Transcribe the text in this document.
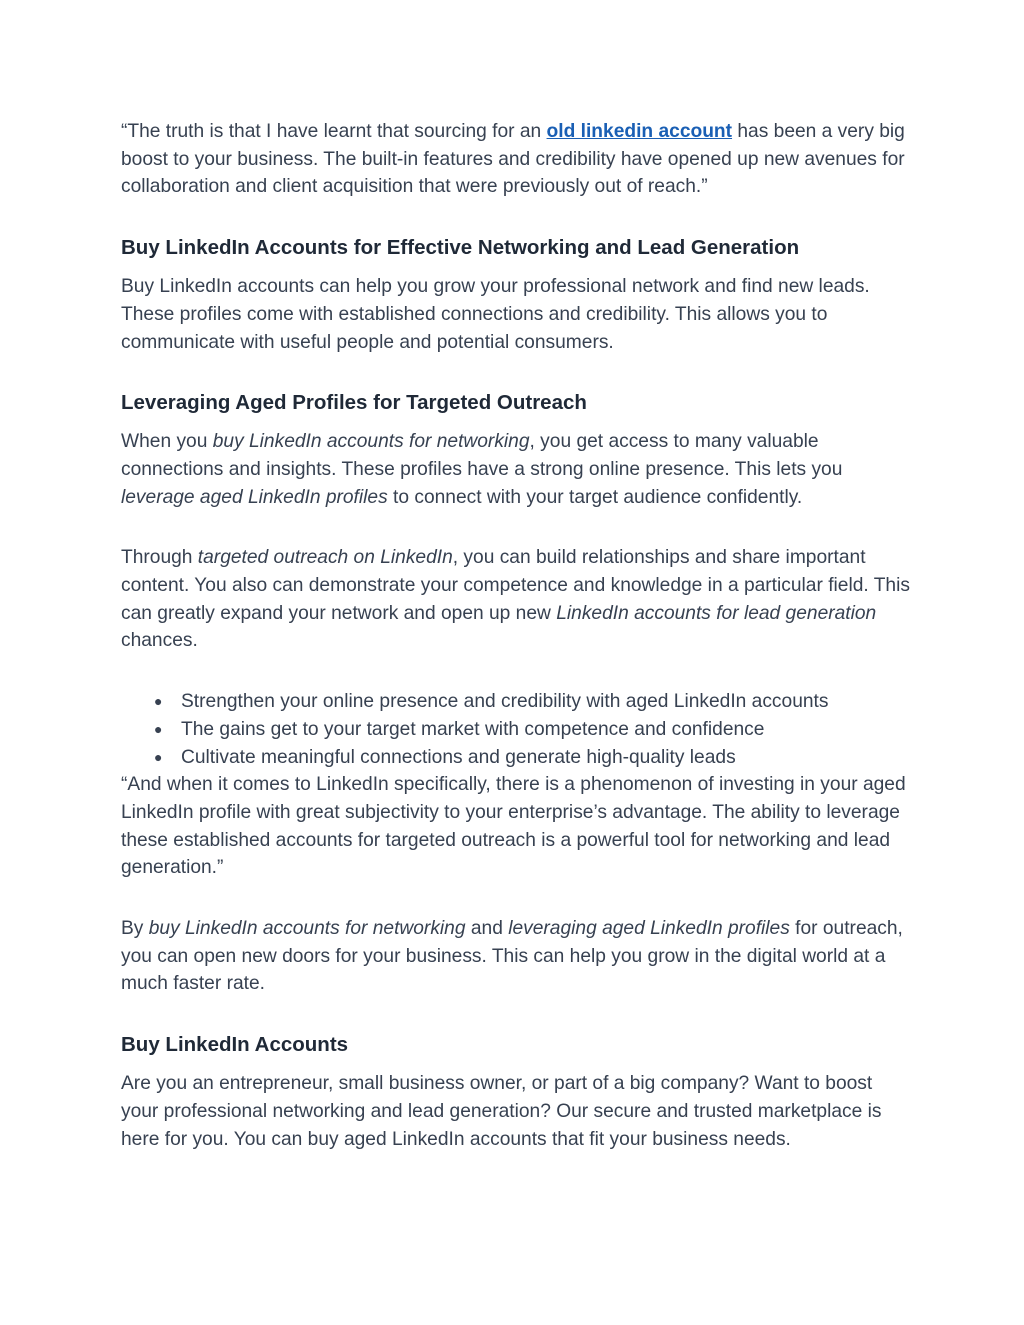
“The truth is that I have learnt that sourcing for an old linkedin account has been a very big boost to your business. The built-in features and credibility have opened up new avenues for collaboration and client acquisition that were previously out of reach.”

Buy LinkedIn Accounts for Effective Networking and Lead Generation

Buy LinkedIn accounts can help you grow your professional network and find new leads. These profiles come with established connections and credibility. This allows you to communicate with useful people and potential consumers.

Leveraging Aged Profiles for Targeted Outreach

When you buy LinkedIn accounts for networking, you get access to many valuable connections and insights. These profiles have a strong online presence. This lets you leverage aged LinkedIn profiles to connect with your target audience confidently.

Through targeted outreach on LinkedIn, you can build relationships and share important content. You also can demonstrate your competence and knowledge in a particular field. This can greatly expand your network and open up new LinkedIn accounts for lead generation chances.

● Strengthen your online presence and credibility with aged LinkedIn accounts
● The gains get to your target market with competence and confidence
● Cultivate meaningful connections and generate high-quality leads

“And when it comes to LinkedIn specifically, there is a phenomenon of investing in your aged LinkedIn profile with great subjectivity to your enterprise’s advantage. The ability to leverage these established accounts for targeted outreach is a powerful tool for networking and lead generation.”

By buy LinkedIn accounts for networking and leveraging aged LinkedIn profiles for outreach, you can open new doors for your business. This can help you grow in the digital world at a much faster rate.

Buy LinkedIn Accounts

Are you an entrepreneur, small business owner, or part of a big company? Want to boost your professional networking and lead generation? Our secure and trusted marketplace is here for you. You can buy aged LinkedIn accounts that fit your business needs.
